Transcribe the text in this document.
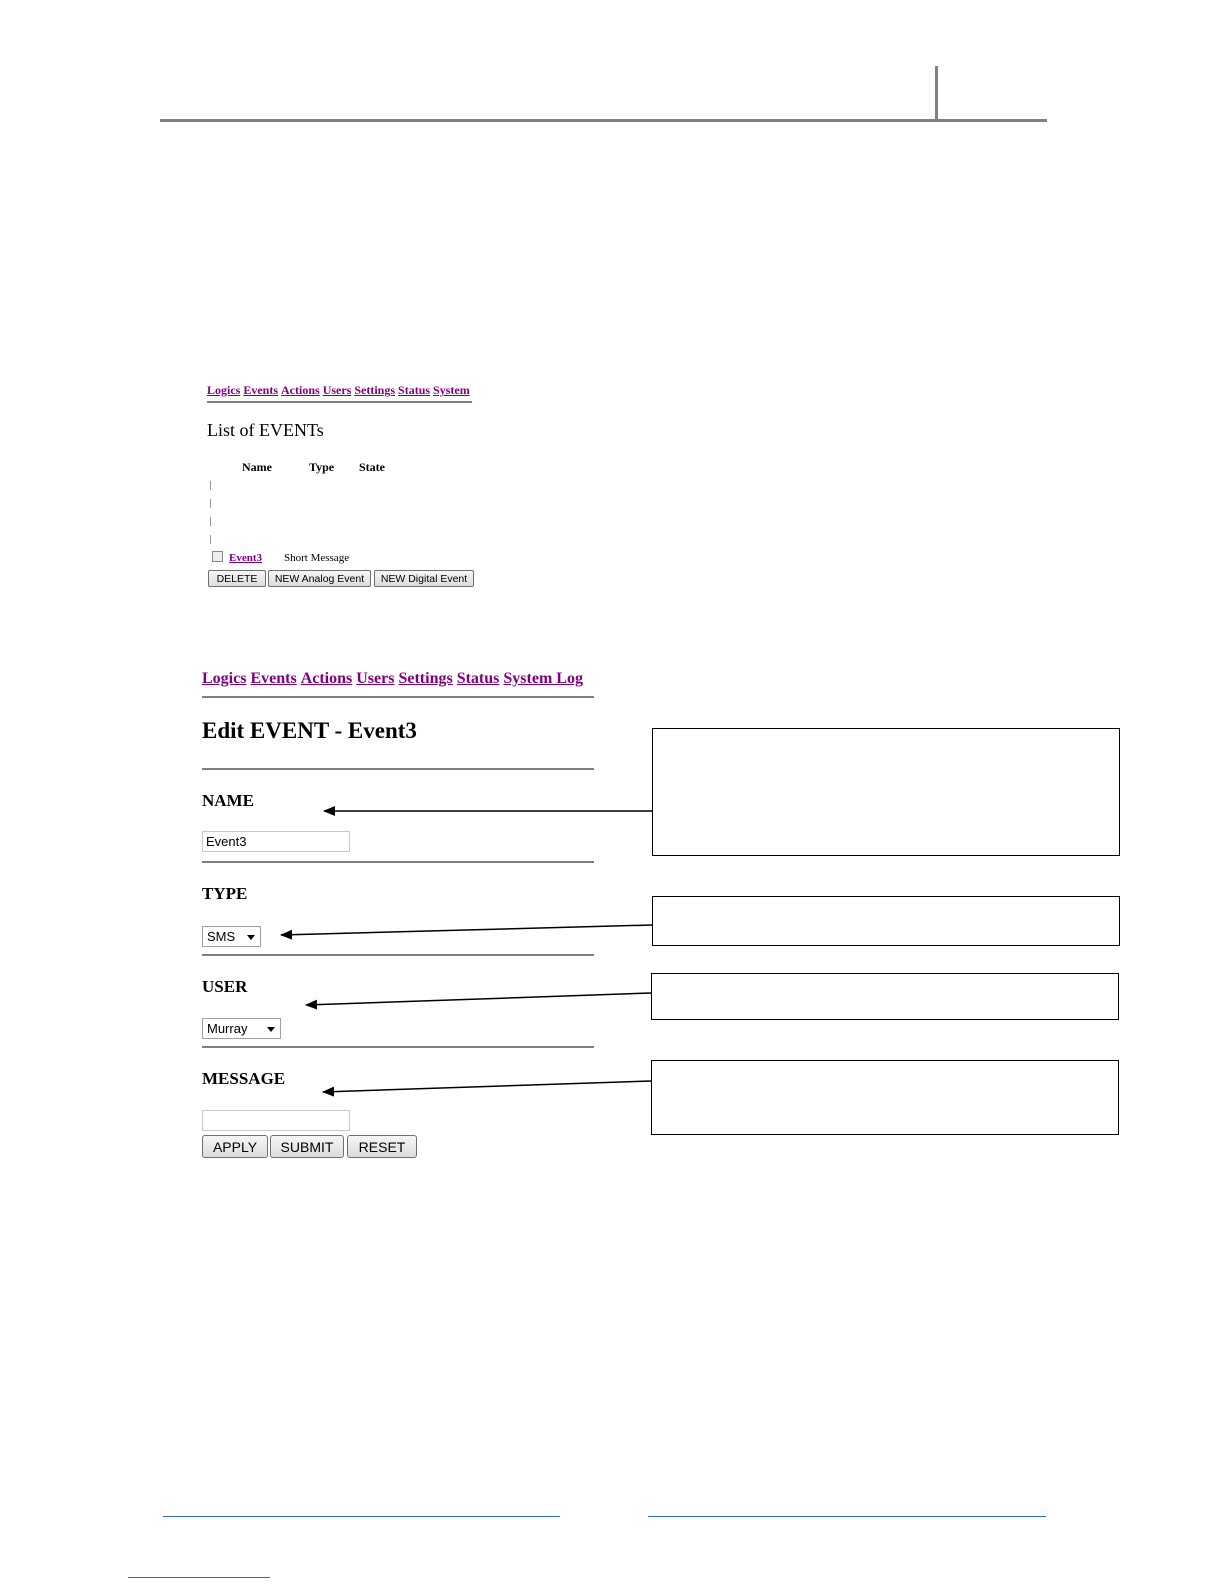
Logics Events Actions Users Settings Status System
List of EVENTs
Name	Type State
Event3 Short Message
DELETE	NEW Analog Event	NEW Digital Event
Logics Events Actions Users Settings Status System Log
Edit EVENT - Event3
NAME
Event3
TYPE
SMS
USER
Murray
MESSAGE
APPLY	SUBMIT	RESET
